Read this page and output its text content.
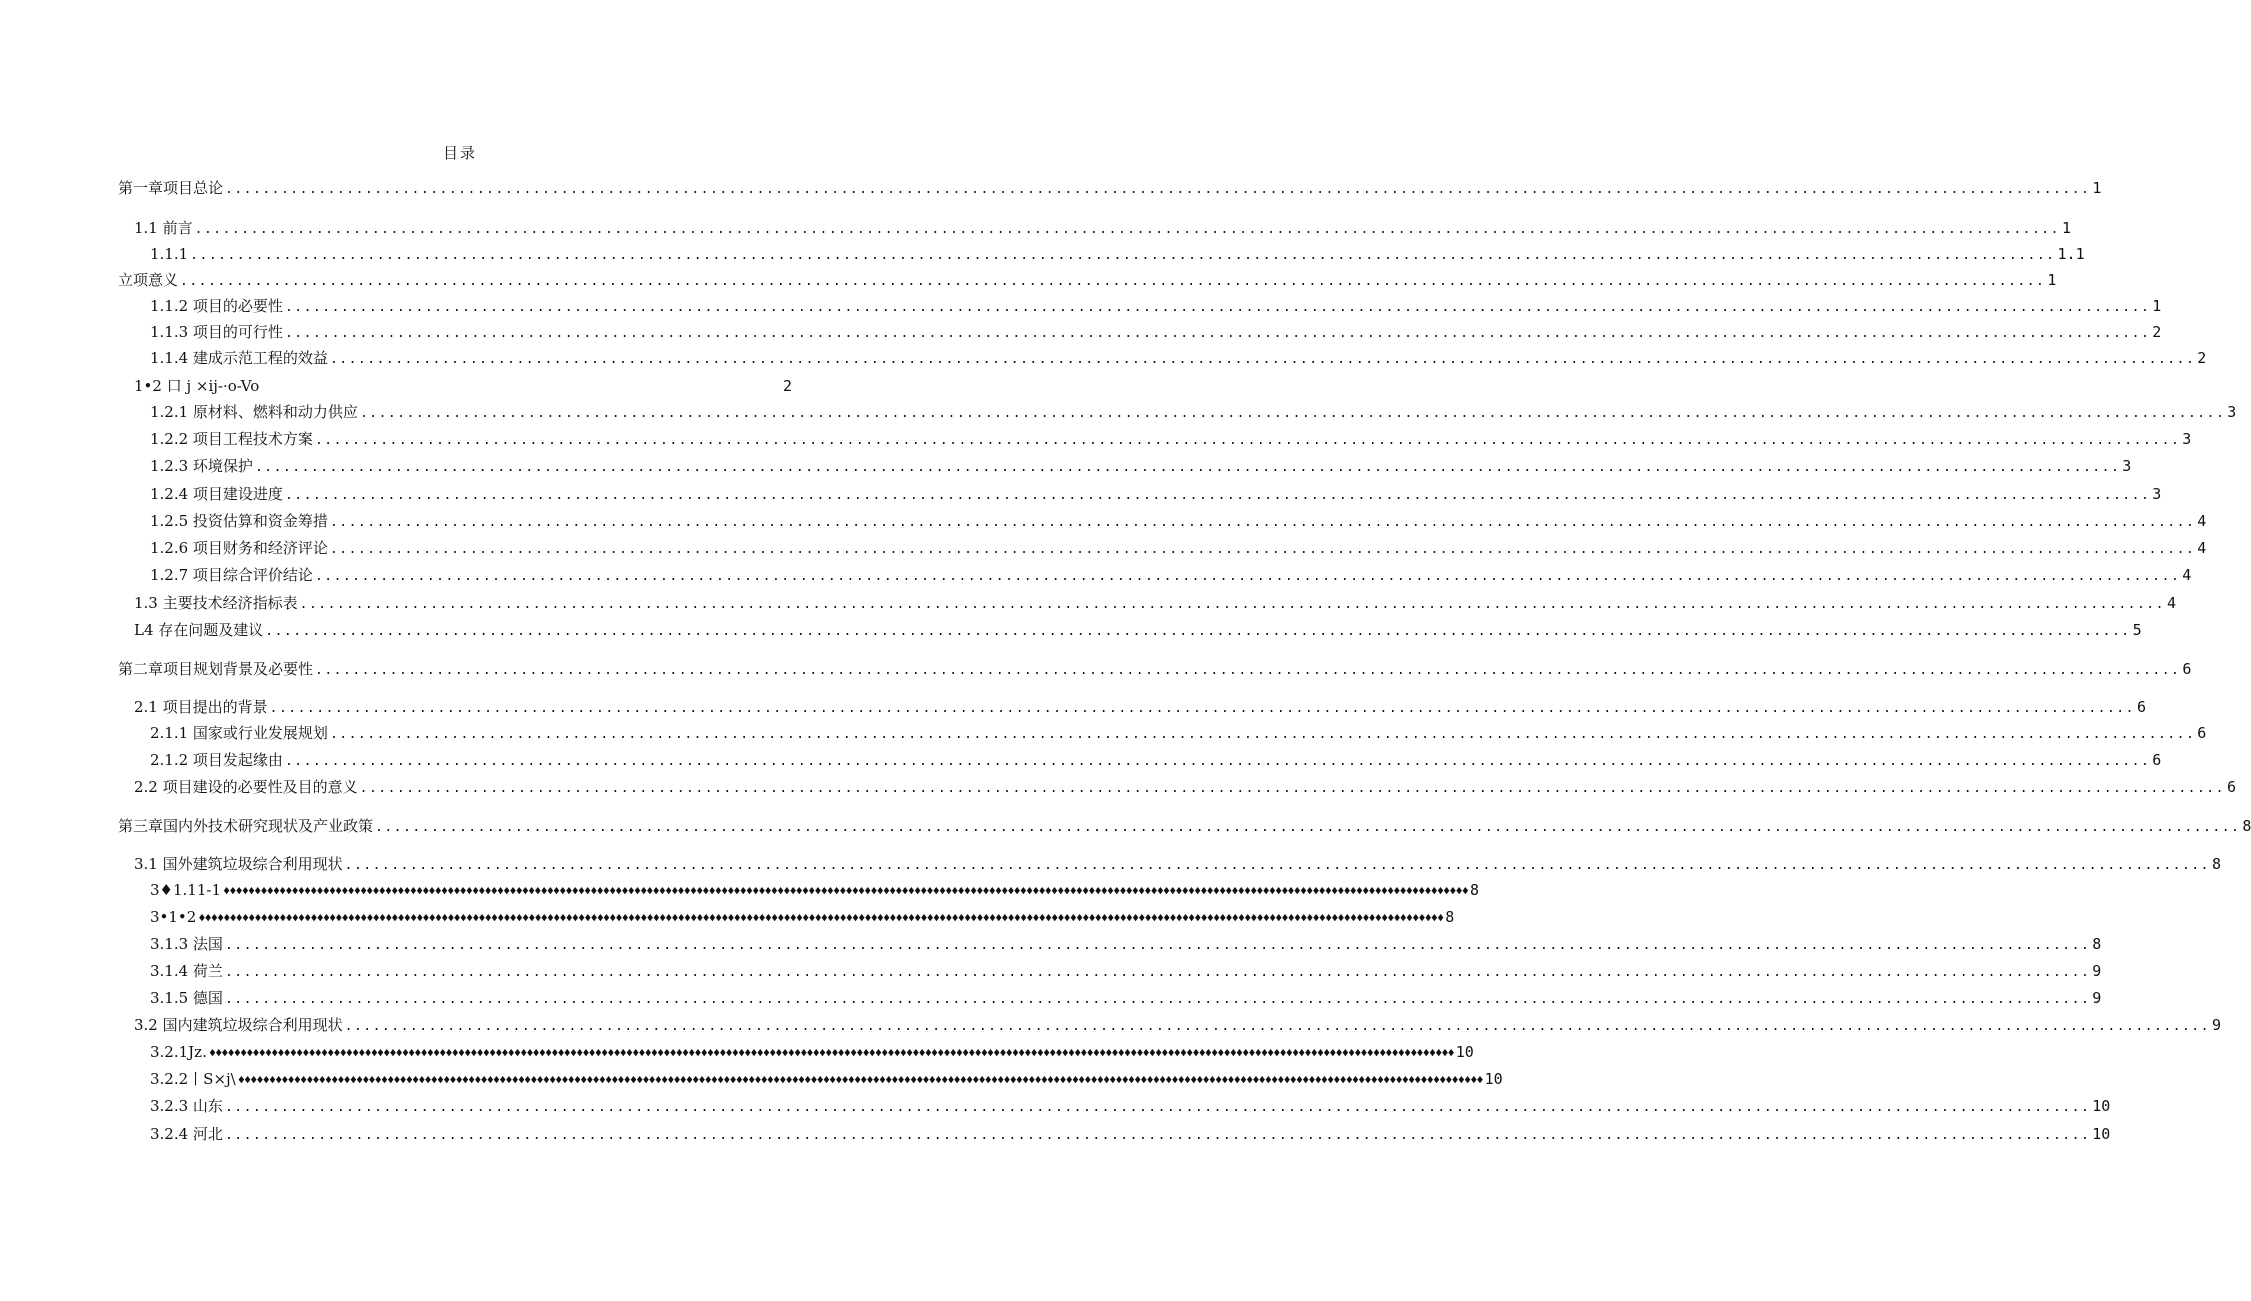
目录
第一章项目总论 ........................................................................................................................................................................................................ 1
1.1 前言 ........................................................................................................................................................................................................ 1
1.1.1 ........................................................................................................................................................................................................ 1.1
立项意义 ........................................................................................................................................................................................................ 1
1.1.2 项目的必要性 ........................................................................................................................................................................................................ 1
1.1.3 项目的可行性 ........................................................................................................................................................................................................ 2
1.1.4 建成示范工程的效益 ........................................................................................................................................................................................................ 2
1•2 口 j ×ij-·o-Vo	2
1.2.1 原材料、燃料和动力供应 ........................................................................................................................................................................................................ 3
1.2.2 项目工程技术方案 ........................................................................................................................................................................................................ 3
1.2.3 环境保护 ........................................................................................................................................................................................................ 3
1.2.4 项目建设进度 ........................................................................................................................................................................................................ 3
1.2.5 投资估算和资金筹措 ........................................................................................................................................................................................................ 4
1.2.6 项目财务和经济评论 ........................................................................................................................................................................................................ 4
1.2.7 项目综合评价结论 ........................................................................................................................................................................................................ 4
1.3 主要技术经济指标表 ........................................................................................................................................................................................................ 4
L4 存在问题及建议 ........................................................................................................................................................................................................ 5
第二章项目规划背景及必要性 ........................................................................................................................................................................................................ 6
2.1 项目提出的背景 ........................................................................................................................................................................................................ 6
2.1.1 国家或行业发展规划 ........................................................................................................................................................................................................ 6
2.1.2 项目发起缘由 ........................................................................................................................................................................................................ 6
2.2 项目建设的必要性及目的意义 ........................................................................................................................................................................................................ 6
第三章国内外技术研究现状及产业政策 ........................................................................................................................................................................................................ 8
3.1 国外建筑垃圾综合利用现状 ........................................................................................................................................................................................................ 8
3♦1.11-1 ♦♦♦♦♦♦♦♦♦♦♦♦♦♦♦♦♦♦♦♦♦♦♦♦♦♦♦♦♦♦♦♦♦♦♦♦♦♦♦♦♦♦♦♦♦♦♦♦♦♦♦♦♦♦♦♦♦♦♦♦♦♦♦♦♦♦♦♦♦♦♦♦♦♦♦♦♦♦♦♦♦♦♦♦♦♦♦♦♦♦♦♦♦♦♦♦♦♦♦♦♦♦♦♦♦♦♦♦♦♦♦♦♦♦♦♦♦♦♦♦♦♦♦♦♦♦♦♦♦♦♦♦♦♦♦♦♦♦♦♦♦♦♦♦♦♦♦♦♦♦♦♦♦♦♦♦♦♦♦♦♦♦♦♦♦♦♦♦♦♦♦♦♦♦♦♦♦♦♦♦♦♦♦♦♦♦♦♦♦♦♦♦♦♦♦♦♦♦♦♦ 8
3•1•2 ♦♦♦♦♦♦♦♦♦♦♦♦♦♦♦♦♦♦♦♦♦♦♦♦♦♦♦♦♦♦♦♦♦♦♦♦♦♦♦♦♦♦♦♦♦♦♦♦♦♦♦♦♦♦♦♦♦♦♦♦♦♦♦♦♦♦♦♦♦♦♦♦♦♦♦♦♦♦♦♦♦♦♦♦♦♦♦♦♦♦♦♦♦♦♦♦♦♦♦♦♦♦♦♦♦♦♦♦♦♦♦♦♦♦♦♦♦♦♦♦♦♦♦♦♦♦♦♦♦♦♦♦♦♦♦♦♦♦♦♦♦♦♦♦♦♦♦♦♦♦♦♦♦♦♦♦♦♦♦♦♦♦♦♦♦♦♦♦♦♦♦♦♦♦♦♦♦♦♦♦♦♦♦♦♦♦♦♦♦♦♦♦♦♦♦♦♦♦♦♦ 8
3.1.3 法国 ........................................................................................................................................................................................................ 8
3.1.4 荷兰 ........................................................................................................................................................................................................ 9
3.1.5 德国 ........................................................................................................................................................................................................ 9
3.2 国内建筑垃圾综合利用现状 ........................................................................................................................................................................................................ 9
3.2.1Jz. ♦♦♦♦♦♦♦♦♦♦♦♦♦♦♦♦♦♦♦♦♦♦♦♦♦♦♦♦♦♦♦♦♦♦♦♦♦♦♦♦♦♦♦♦♦♦♦♦♦♦♦♦♦♦♦♦♦♦♦♦♦♦♦♦♦♦♦♦♦♦♦♦♦♦♦♦♦♦♦♦♦♦♦♦♦♦♦♦♦♦♦♦♦♦♦♦♦♦♦♦♦♦♦♦♦♦♦♦♦♦♦♦♦♦♦♦♦♦♦♦♦♦♦♦♦♦♦♦♦♦♦♦♦♦♦♦♦♦♦♦♦♦♦♦♦♦♦♦♦♦♦♦♦♦♦♦♦♦♦♦♦♦♦♦♦♦♦♦♦♦♦♦♦♦♦♦♦♦♦♦♦♦♦♦♦♦♦♦♦♦♦♦♦♦♦♦♦♦♦♦ 10
3.2.2丨S×j\ ♦♦♦♦♦♦♦♦♦♦♦♦♦♦♦♦♦♦♦♦♦♦♦♦♦♦♦♦♦♦♦♦♦♦♦♦♦♦♦♦♦♦♦♦♦♦♦♦♦♦♦♦♦♦♦♦♦♦♦♦♦♦♦♦♦♦♦♦♦♦♦♦♦♦♦♦♦♦♦♦♦♦♦♦♦♦♦♦♦♦♦♦♦♦♦♦♦♦♦♦♦♦♦♦♦♦♦♦♦♦♦♦♦♦♦♦♦♦♦♦♦♦♦♦♦♦♦♦♦♦♦♦♦♦♦♦♦♦♦♦♦♦♦♦♦♦♦♦♦♦♦♦♦♦♦♦♦♦♦♦♦♦♦♦♦♦♦♦♦♦♦♦♦♦♦♦♦♦♦♦♦♦♦♦♦♦♦♦♦♦♦♦♦♦♦♦♦♦♦♦ 10
3.2.3 山东 ........................................................................................................................................................................................................ 10
3.2.4 河北 ........................................................................................................................................................................................................ 10
